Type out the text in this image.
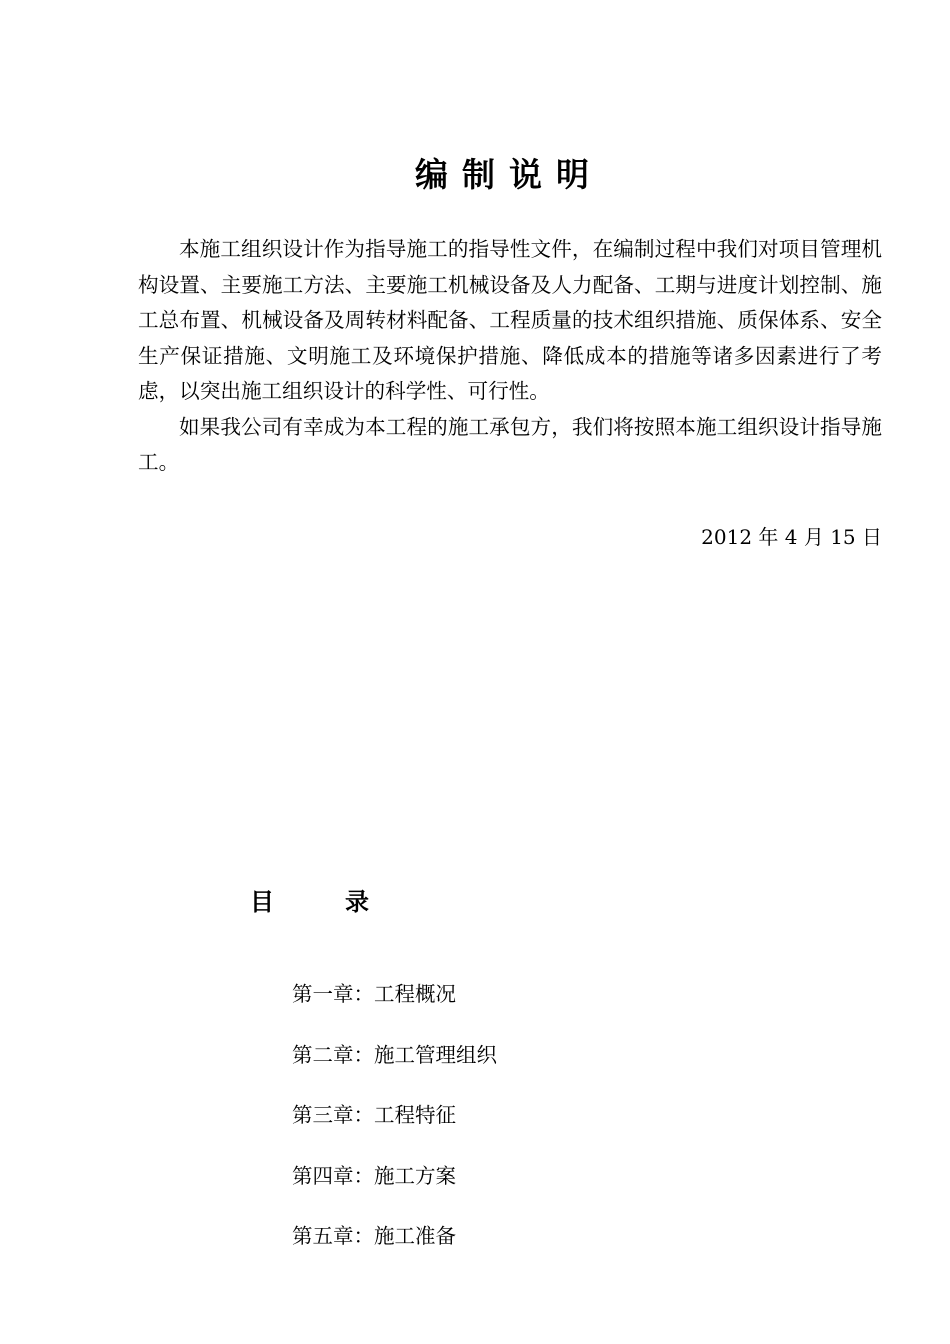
编制说明

本施工组织设计作为指导施工的指导性文件，在编制过程中我们对项目管理机构设置、主要施工方法、主要施工机械设备及人力配备、工期与进度计划控制、施工总布置、机械设备及周转材料配备、工程质量的技术组织措施、质保体系、安全生产保证措施、文明施工及环境保护措施、降低成本的措施等诸多因素进行了考虑，以突出施工组织设计的科学性、可行性。

如果我公司有幸成为本工程的施工承包方，我们将按照本施工组织设计指导施工。

2012 年 4 月 15 日
目	录
第一章：工程概况
第二章：施工管理组织
第三章：工程特征
第四章：施工方案
第五章：施工准备
